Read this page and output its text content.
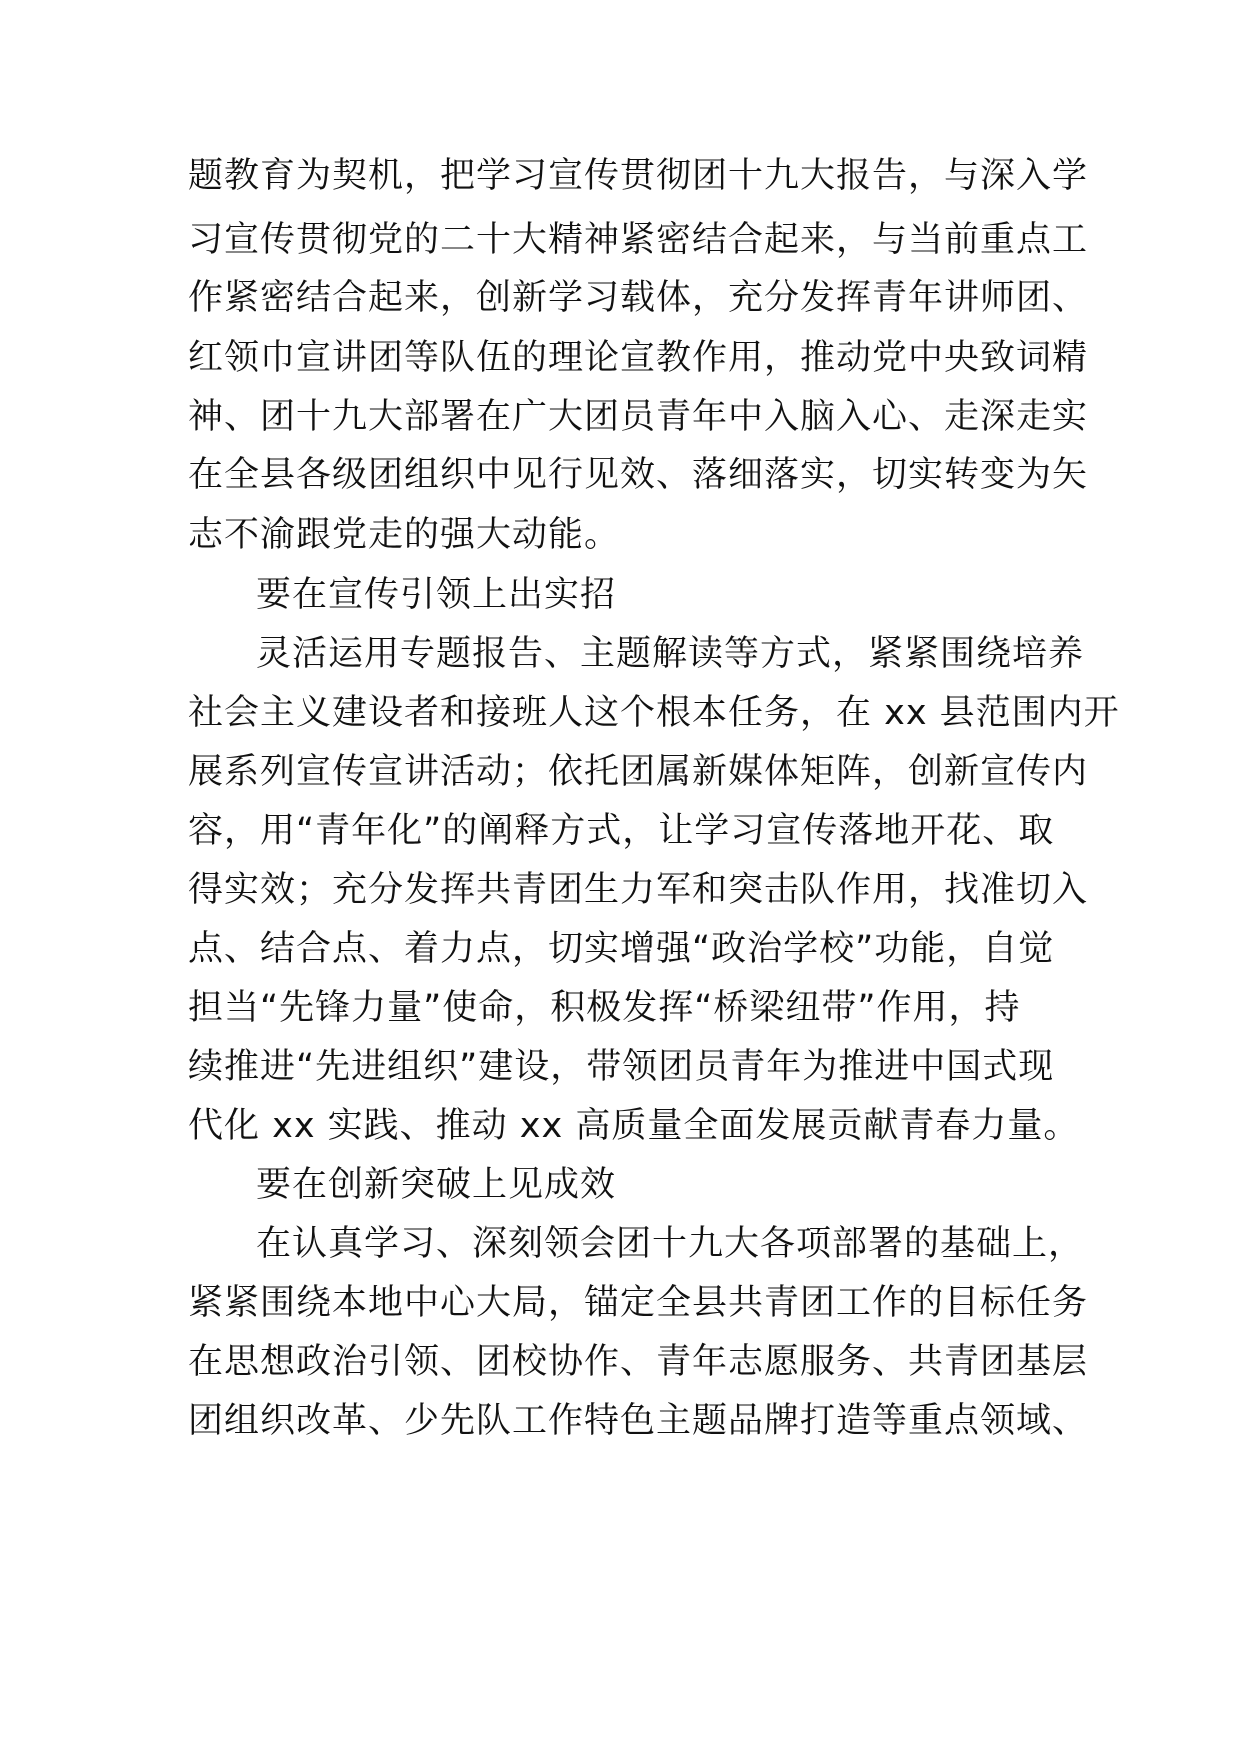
题教育为契机，把学习宣传贯彻团十九大报告，与深入学
习宣传贯彻党的二十大精神紧密结合起来，与当前重点工
作紧密结合起来，创新学习载体，充分发挥青年讲师团、
红领巾宣讲团等队伍的理论宣教作用，推动党中央致词精
神、团十九大部署在广大团员青年中入脑入心、走深走实
在全县各级团组织中见行见效、落细落实，切实转变为矢
志不渝跟党走的强大动能。
要在宣传引领上出实招
灵活运用专题报告、主题解读等方式，紧紧围绕培养
社会主义建设者和接班人这个根本任务，在 xx 县范围内开
展系列宣传宣讲活动；依托团属新媒体矩阵，创新宣传内
容，用“青年化”的阐释方式，让学习宣传落地开花、取
得实效；充分发挥共青团生力军和突击队作用，找准切入
点、结合点、着力点，切实增强“政治学校”功能，自觉
担当“先锋力量”使命，积极发挥“桥梁纽带”作用，持
续推进“先进组织”建设，带领团员青年为推进中国式现
代化 xx 实践、推动 xx 高质量全面发展贡献青春力量。
要在创新突破上见成效
在认真学习、深刻领会团十九大各项部署的基础上，
紧紧围绕本地中心大局，锚定全县共青团工作的目标任务
在思想政治引领、团校协作、青年志愿服务、共青团基层
团组织改革、少先队工作特色主题品牌打造等重点领域、
